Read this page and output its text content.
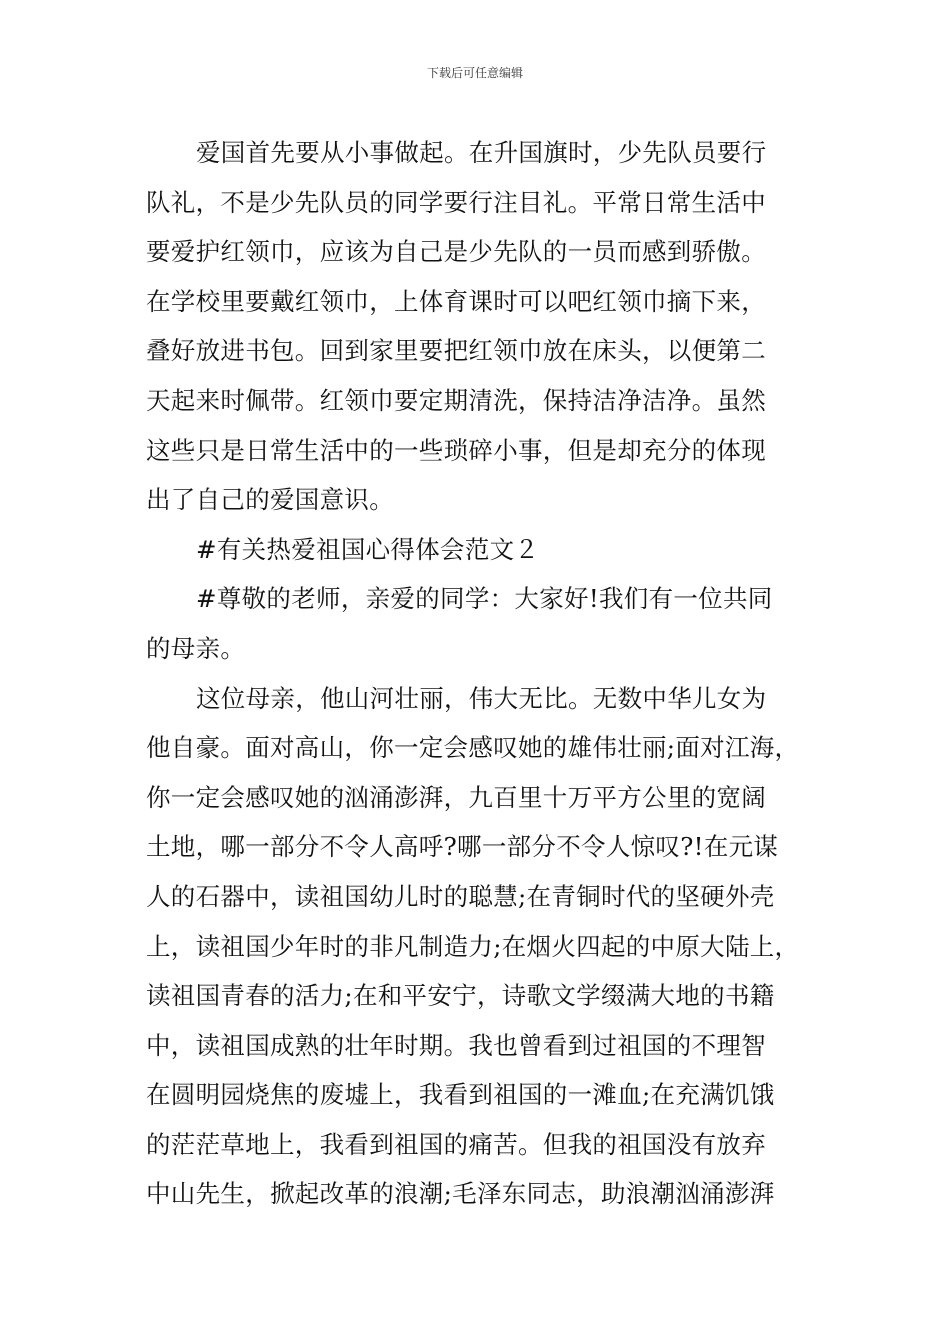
下载后可任意编辑

爱国首先要从小事做起。在升国旗时，少先队员要行

队礼，不是少先队员的同学要行注目礼。平常日常生活中

要爱护红领巾，应该为自己是少先队的一员而感到骄傲。

在学校里要戴红领巾，上体育课时可以吧红领巾摘下来，

叠好放进书包。回到家里要把红领巾放在床头，以便第二

天起来时佩带。红领巾要定期清洗，保持洁净洁净。虽然

这些只是日常生活中的一些琐碎小事，但是却充分的体现

出了自己的爱国意识。

#有关热爱祖国心得体会范文２

#尊敬的老师，亲爱的同学：大家好!我们有一位共同

的母亲。

这位母亲，他山河壮丽，伟大无比。无数中华儿女为

他自豪。面对高山，你一定会感叹她的雄伟壮丽;面对江海，

你一定会感叹她的汹涌澎湃，九百里十万平方公里的宽阔

土地，哪一部分不令人高呼?哪一部分不令人惊叹?!在元谋

人的石器中，读祖国幼儿时的聪慧;在青铜时代的坚硬外壳

上，读祖国少年时的非凡制造力;在烟火四起的中原大陆上，

读祖国青春的活力;在和平安宁，诗歌文学缀满大地的书籍

中，读祖国成熟的壮年时期。我也曾看到过祖国的不理智

在圆明园烧焦的废墟上，我看到祖国的一滩血;在充满饥饿

的茫茫草地上，我看到祖国的痛苦。但我的祖国没有放弃

中山先生，掀起改革的浪潮;毛泽东同志，助浪潮汹涌澎湃
